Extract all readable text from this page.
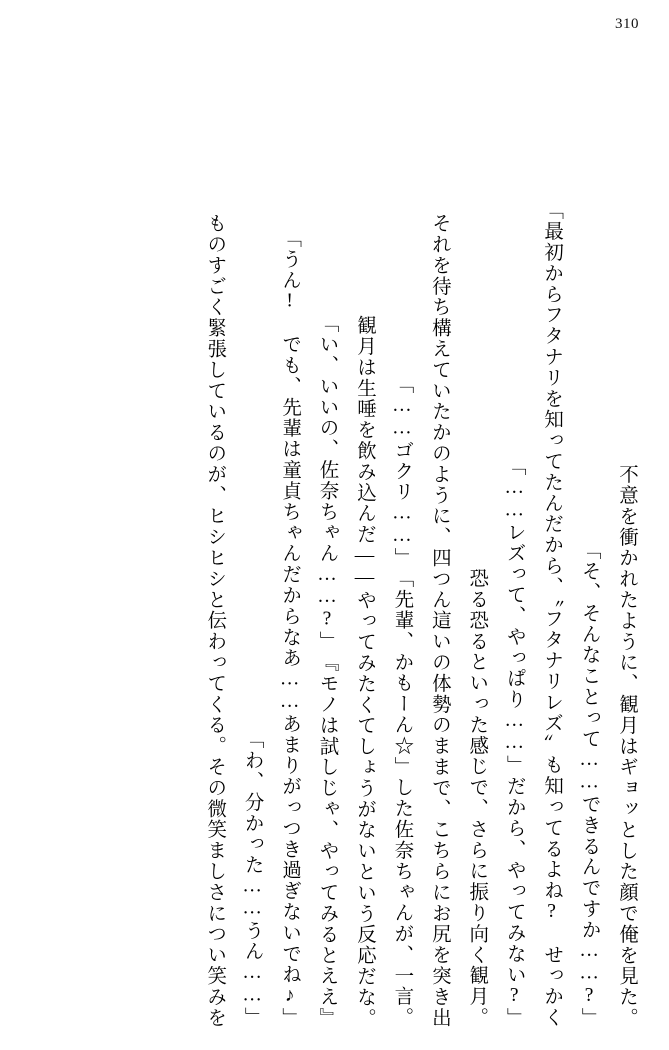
310
　不意を衝かれたように、観月はギョッとした顔で俺を見た。
「そ、そんなことって……できるんですか……?」
「最初からフタナリを知ってたんだから、〝フタナリレズ〟も知ってるよね?　せっかく
だから、やってみない?」
「……レズって、やっぱり……」
　恐る恐るといった感じで、さらに振り向く観月。
　それを待ち構えていたかのように、四つん這いの体勢のままで、こちらにお尻を突き出
した佐奈ちゃんが、一言。
「先輩、かもーん☆」
「……ゴクリ……」
　観月は生唾を飲み込んだ——やってみたくてしょうがないという反応だな。
『モノは試しじゃ、やってみるとええ』
「い、いいの、佐奈ちゃん……?」
「うん!　でも、先輩は童貞ちゃんだからなあ……あまりがっつき過ぎないでね♪」
「わ、分かった……うん……」
　ものすごく緊張しているのが、ヒシヒシと伝わってくる。その微笑ましさについ笑みを
